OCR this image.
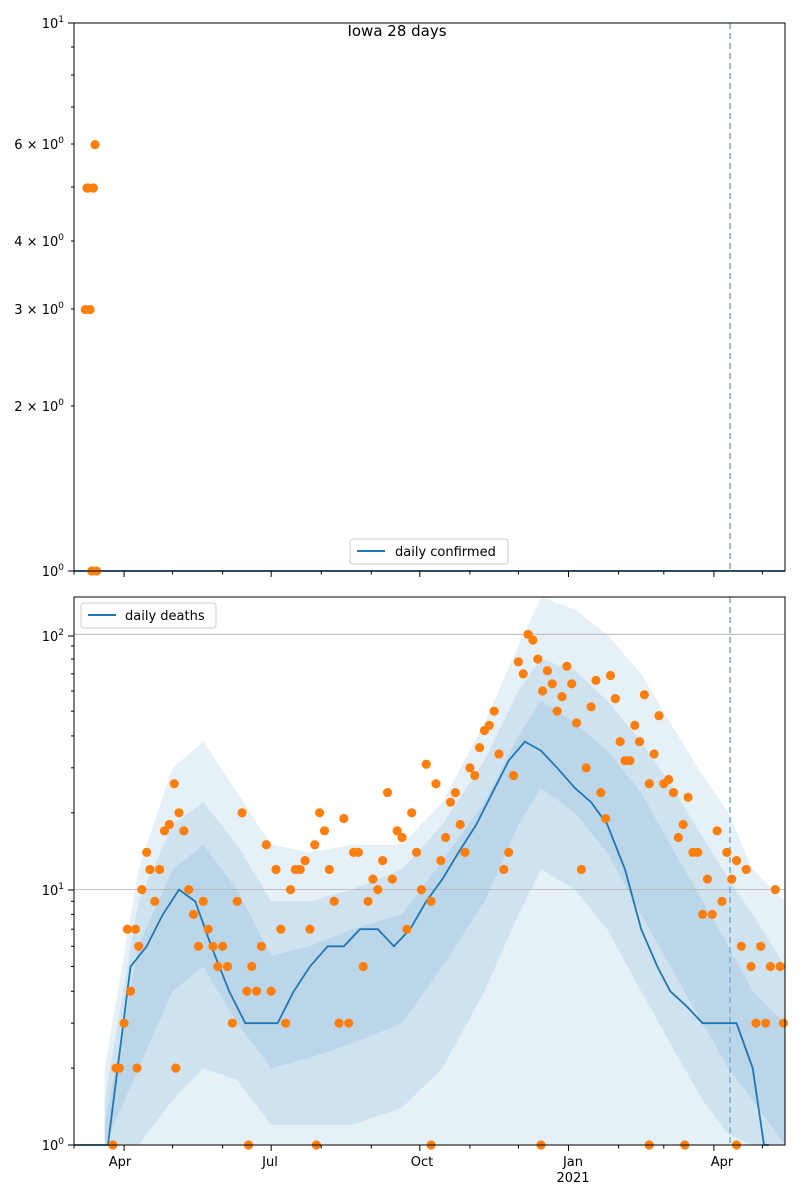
Iowa 28 days
$10^0$
$2 \times 10^0$
$3 \times 10^0$
$4 \times 10^0$
$6 \times 10^0$
$10^1$
daily confirmed
$10^0$
$10^1$
$10^2$
Apr	Jul	Oct	Jan
2021
Apr
daily deaths
